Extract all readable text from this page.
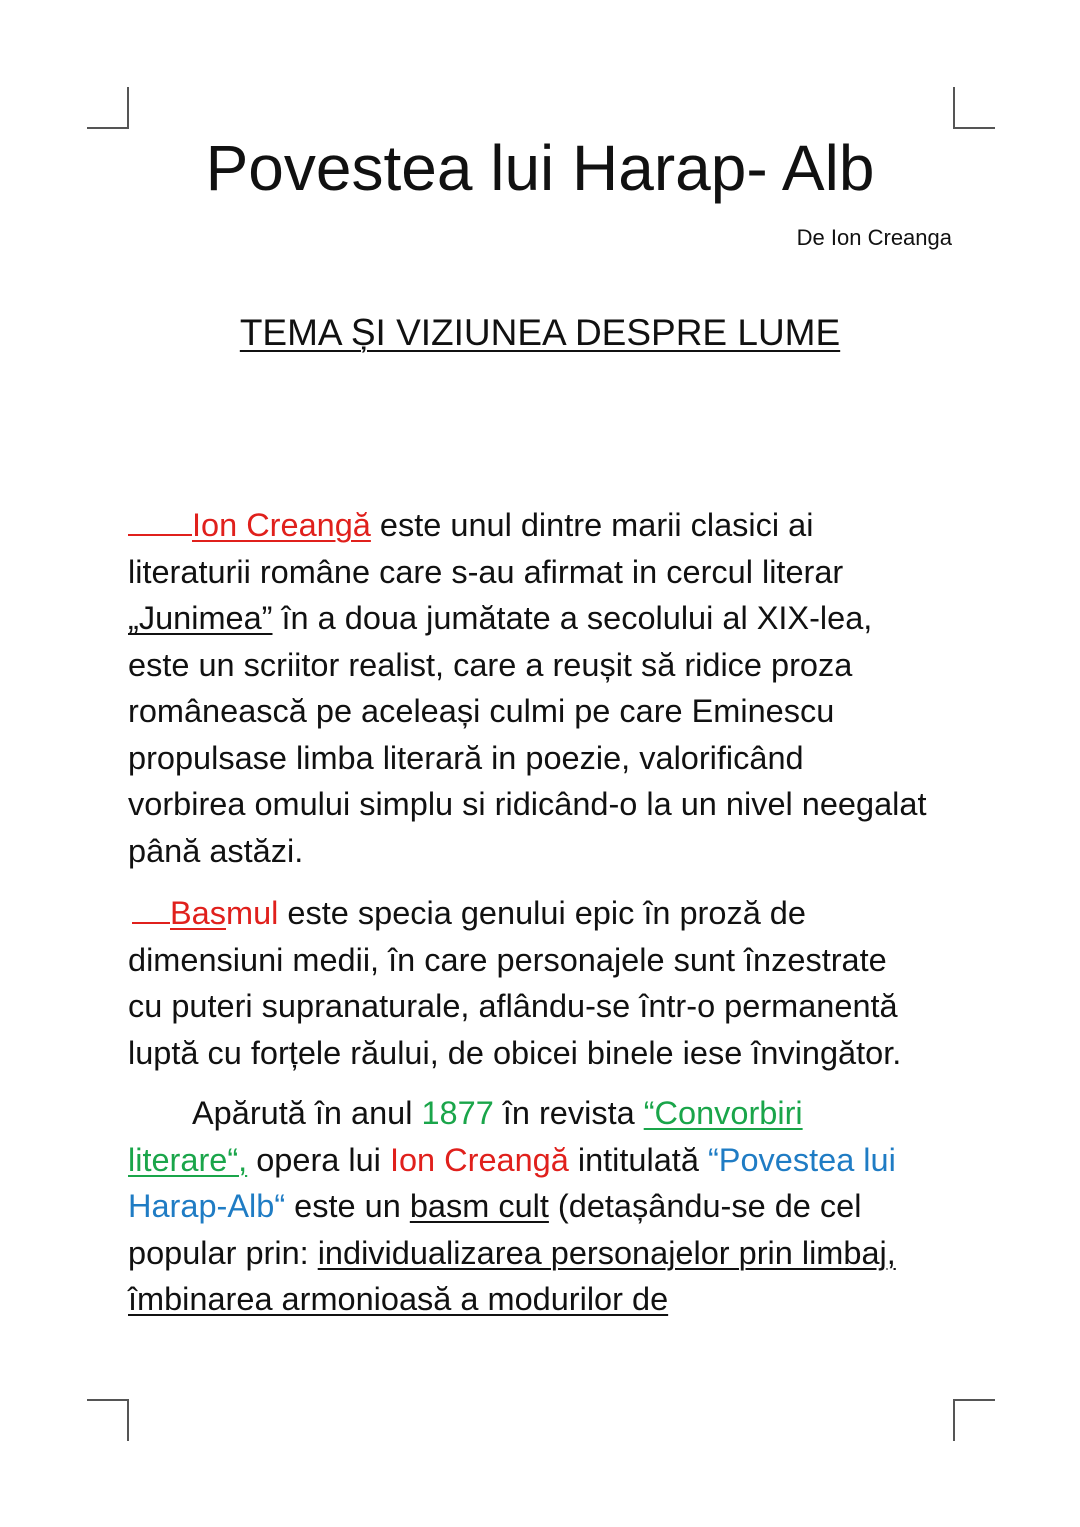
Povestea lui Harap- Alb
De Ion Creanga
TEMA ȘI VIZIUNEA DESPRE LUME

Ion Creangă este unul dintre marii clasici ai literaturii române care s-au afirmat in cercul literar „Junimea” în a doua jumătate a secolului al XIX-lea, este un scriitor realist, care a reușit să ridice proza românească pe aceleași culmi pe care Eminescu propulsase limba literară in poezie, valorificând vorbirea omului simplu si ridicând-o la un nivel neegalat până astăzi.

Basmul este specia genului epic în proză de dimensiuni medii, în care personajele sunt înzestrate cu puteri supranaturale, aflându-se într-o permanentă luptă cu forțele răului, de obicei binele iese învingător.

Apărută în anul 1877 în revista “Convorbiri literare“, opera lui Ion Creangă intitulată “Povestea lui Harap-Alb“ este un basm cult (detașându-se de cel popular prin: individualizarea personajelor prin limbaj, îmbinarea armonioasă a modurilor de
